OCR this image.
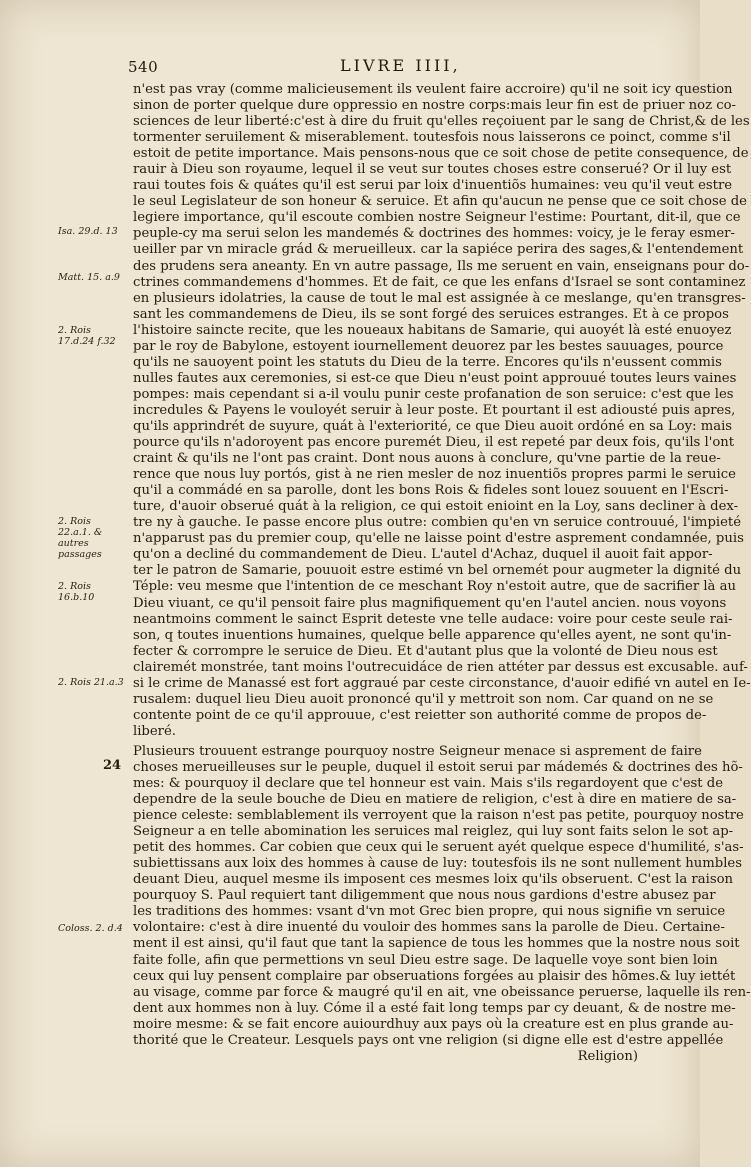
540	LIVRE IIII,
Isa. 29.d. 13
Matt. 15. a.9
2. Rois 17.d.24 f.32
2. Rois 22.a.1. & autres passages
2. Rois 16.b.10
2. Rois 21.a.3
Coloss. 2. d.4
n'est pas vray (comme malicieusement ils veulent faire accroire) qu'il ne soit icy question
sinon de porter quelque dure oppressio en nostre corps:mais leur fin est de priuer noz co-
sciences de leur liberté:c'est à dire du fruit qu'elles reçoiuent par le sang de Christ,& de les
tormenter seruilement & miserablement. toutesfois nous laisserons ce poinct, comme s'il
estoit de petite importance. Mais pensons-nous que ce soit chose de petite consequence, de
rauir à Dieu son royaume, lequel il se veut sur toutes choses estre conserué? Or il luy est
raui toutes fois & quátes qu'il est serui par loix d'inuentiõs humaines: veu qu'il veut estre
le seul Legislateur de son honeur & seruice. Et afin qu'aucun ne pense que ce soit chose de
legiere importance, qu'il escoute combien nostre Seigneur l'estime: Pourtant, dit-il, que ce
peuple-cy ma serui selon les mandemés & doctrines des hommes: voicy, je le feray esmer-
ueiller par vn miracle grád & merueilleux. car la sapiéce perira des sages,& l'entendement
des prudens sera aneanty. En vn autre passage, Ils me seruent en vain, enseignans pour do-
ctrines commandemens d'hommes. Et de fait, ce que les enfans d'Israel se sont contaminez
en plusieurs idolatries, la cause de tout le mal est assignée à ce meslange, qu'en transgres-
sant les commandemens de Dieu, ils se sont forgé des seruices estranges. Et à ce propos
l'histoire saincte recite, que les noueaux habitans de Samarie, qui auoyét là esté enuoyez
par le roy de Babylone, estoyent iournellement deuorez par les bestes sauuages, pource
qu'ils ne sauoyent point les statuts du Dieu de la terre. Encores qu'ils n'eussent commis
nulles fautes aux ceremonies, si est-ce que Dieu n'eust point approuué toutes leurs vaines
pompes: mais cependant si a-il voulu punir ceste profanation de son seruice: c'est que les
incredules & Payens le vouloyét seruir à leur poste. Et pourtant il est adiousté puis apres,
qu'ils apprindrét de suyure, quát à l'exteriorité, ce que Dieu auoit ordóné en sa Loy: mais
pource qu'ils n'adoroyent pas encore puremét Dieu, il est repeté par deux fois, qu'ils l'ont
craint & qu'ils ne l'ont pas craint. Dont nous auons à conclure, qu'vne partie de la reue-
rence que nous luy portós, gist à ne rien mesler de noz inuentiõs propres parmi le seruice
qu'il a commádé en sa parolle, dont les bons Rois & fideles sont louez souuent en l'Escri-
ture, d'auoir obserué quát à la religion, ce qui estoit enioint en la Loy, sans decliner à dex-
tre ny à gauche. Ie passe encore plus outre: combien qu'en vn seruice controuué, l'impieté
n'apparust pas du premier coup, qu'elle ne laisse point d'estre asprement condamnée, puis
qu'on a decliné du commandement de Dieu. L'autel d'Achaz, duquel il auoit fait appor-
ter le patron de Samarie, pouuoit estre estimé vn bel ornemét pour augmeter la dignité du
Téple: veu mesme que l'intention de ce meschant Roy n'estoit autre, que de sacrifier là au
Dieu viuant, ce qu'il pensoit faire plus magnifiquement qu'en l'autel ancien. nous voyons
neantmoins comment le sainct Esprit deteste vne telle audace: voire pour ceste seule rai-
son, q toutes inuentions humaines, quelque belle apparence qu'elles ayent, ne sont qu'in-
fecter & corrompre le seruice de Dieu. Et d'autant plus que la volonté de Dieu nous est
clairemét monstrée, tant moins l'outrecuidáce de rien attéter par dessus est excusable. auf-
si le crime de Manassé est fort aggraué par ceste circonstance, d'auoir edifié vn autel en Ie-
rusalem: duquel lieu Dieu auoit prononcé qu'il y mettroit son nom. Car quand on ne se
contente point de ce qu'il approuue, c'est reietter son authorité comme de propos de-
liberé.
Plusieurs trouuent estrange pourquoy nostre Seigneur menace si asprement de faire
choses merueilleuses sur le peuple, duquel il estoit serui par mádemés & doctrines des hõ-
mes: & pourquoy il declare que tel honneur est vain. Mais s'ils regardoyent que c'est de
dependre de la seule bouche de Dieu en matiere de religion, c'est à dire en matiere de sa-
pience celeste: semblablement ils verroyent que la raison n'est pas petite, pourquoy nostre
Seigneur a en telle abomination les seruices mal reiglez, qui luy sont faits selon le sot ap-
petit des hommes. Car cobien que ceux qui le seruent ayét quelque espece d'humilité, s'as-
subiettissans aux loix des hommes à cause de luy: toutesfois ils ne sont nullement humbles
deuant Dieu, auquel mesme ils imposent ces mesmes loix qu'ils obseruent. C'est la raison
pourquoy S. Paul requiert tant diligemment que nous nous gardions d'estre abusez par
les traditions des hommes: vsant d'vn mot Grec bien propre, qui nous signifie vn seruice
volontaire: c'est à dire inuenté du vouloir des hommes sans la parolle de Dieu. Certaine-
ment il est ainsi, qu'il faut que tant la sapience de tous les hommes que la nostre nous soit
faite folle, afin que permettions vn seul Dieu estre sage. De laquelle voye sont bien loin
ceux qui luy pensent complaire par obseruations forgées au plaisir des hõmes.& luy iettét
au visage, comme par force & maugré qu'il en ait, vne obeissance peruerse, laquelle ils ren-
dent aux hommes non à luy. Cóme il a esté fait long temps par cy deuant, & de nostre me-
moire mesme: & se fait encore auiourdhuy aux pays où la creature est en plus grande au-
thorité que le Createur. Lesquels pays ont vne religion (si digne elle est d'estre appellée
Religion)
24
